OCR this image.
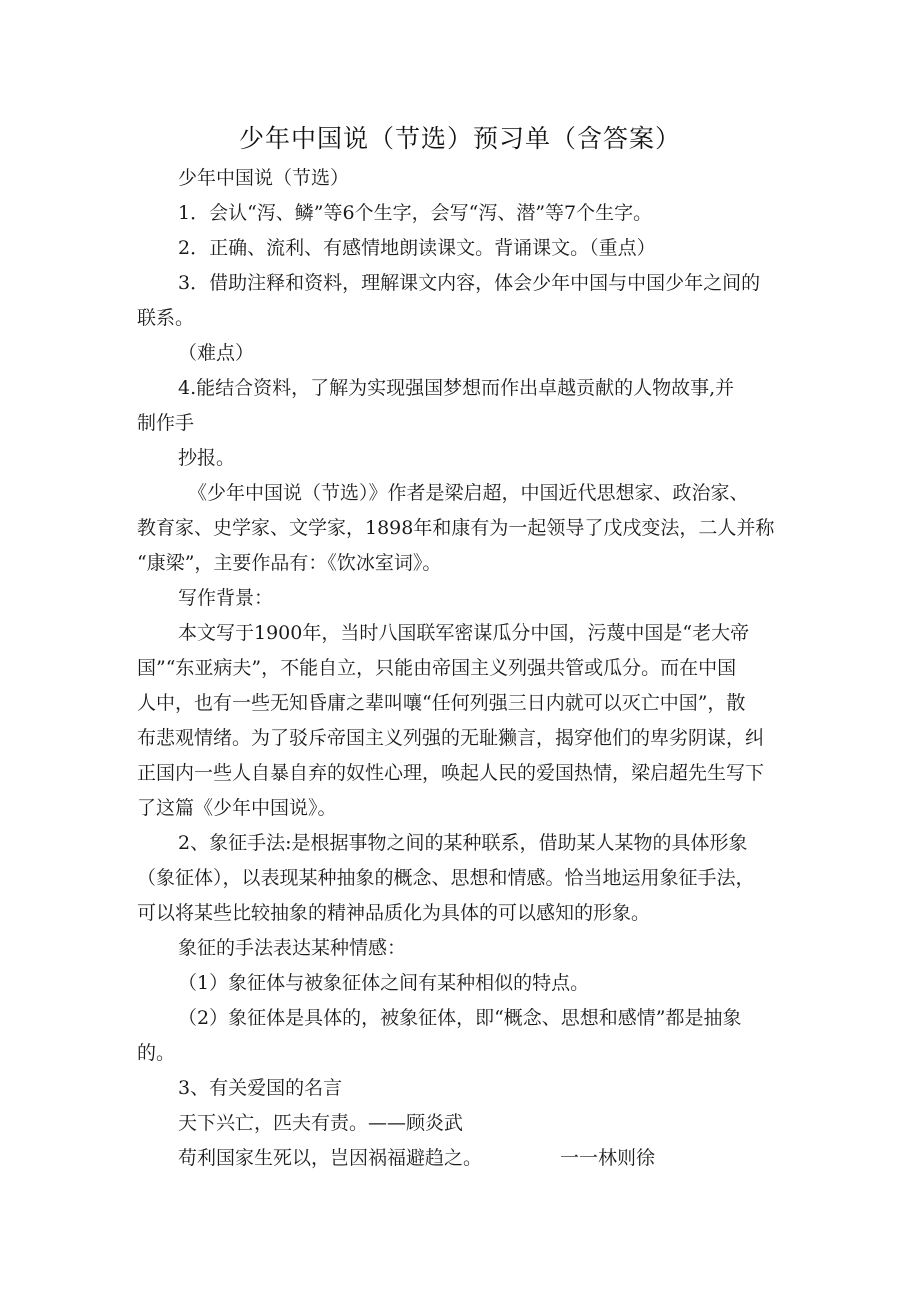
少年中国说（节选）预习单（含答案）
少年中国说（节选）
1．会认“泻、鳞”等6个生字，会写“泻、潜”等7个生字。
2．正确、流利、有感情地朗读课文。背诵课文。（重点）
3．借助注释和资料，理解课文内容，体会少年中国与中国少年之间的
联系。
（难点）
4.能结合资料，了解为实现强国梦想而作出卓越贡献的人物故事,并
制作手
抄报。
《少年中国说（节选）》作者是梁启超，中国近代思想家、政治家、
教育家、史学家、文学家，1898年和康有为一起领导了戊戌变法，二人并称
“康梁”，主要作品有：《饮冰室词》。
写作背景：
本文写于1900年，当时八国联军密谋瓜分中国，污蔑中国是“老大帝
国”“东亚病夫”，不能自立，只能由帝国主义列强共管或瓜分。而在中国
人中，也有一些无知昏庸之辈叫嚷“任何列强三日内就可以灭亡中国”，散
布悲观情绪。为了驳斥帝国主义列强的无耻獭言，揭穿他们的卑劣阴谋，纠
正国内一些人自暴自弃的奴性心理，唤起人民的爱国热情，梁启超先生写下
了这篇《少年中国说》。
2、象征手法:是根据事物之间的某种联系，借助某人某物的具体形象
（象征体），以表现某种抽象的概念、思想和情感。恰当地运用象征手法，
可以将某些比较抽象的精神品质化为具体的可以感知的形象。
象征的手法表达某种情感：
（1）象征体与被象征体之间有某种相似的特点。
（2）象征体是具体的，被象征体，即“概念、思想和感情”都是抽象
的。
3、有关爱国的名言
天下兴亡，匹夫有责。——顾炎武
苟利国家生死以，岂因祸福避趋之。	一一林则徐
